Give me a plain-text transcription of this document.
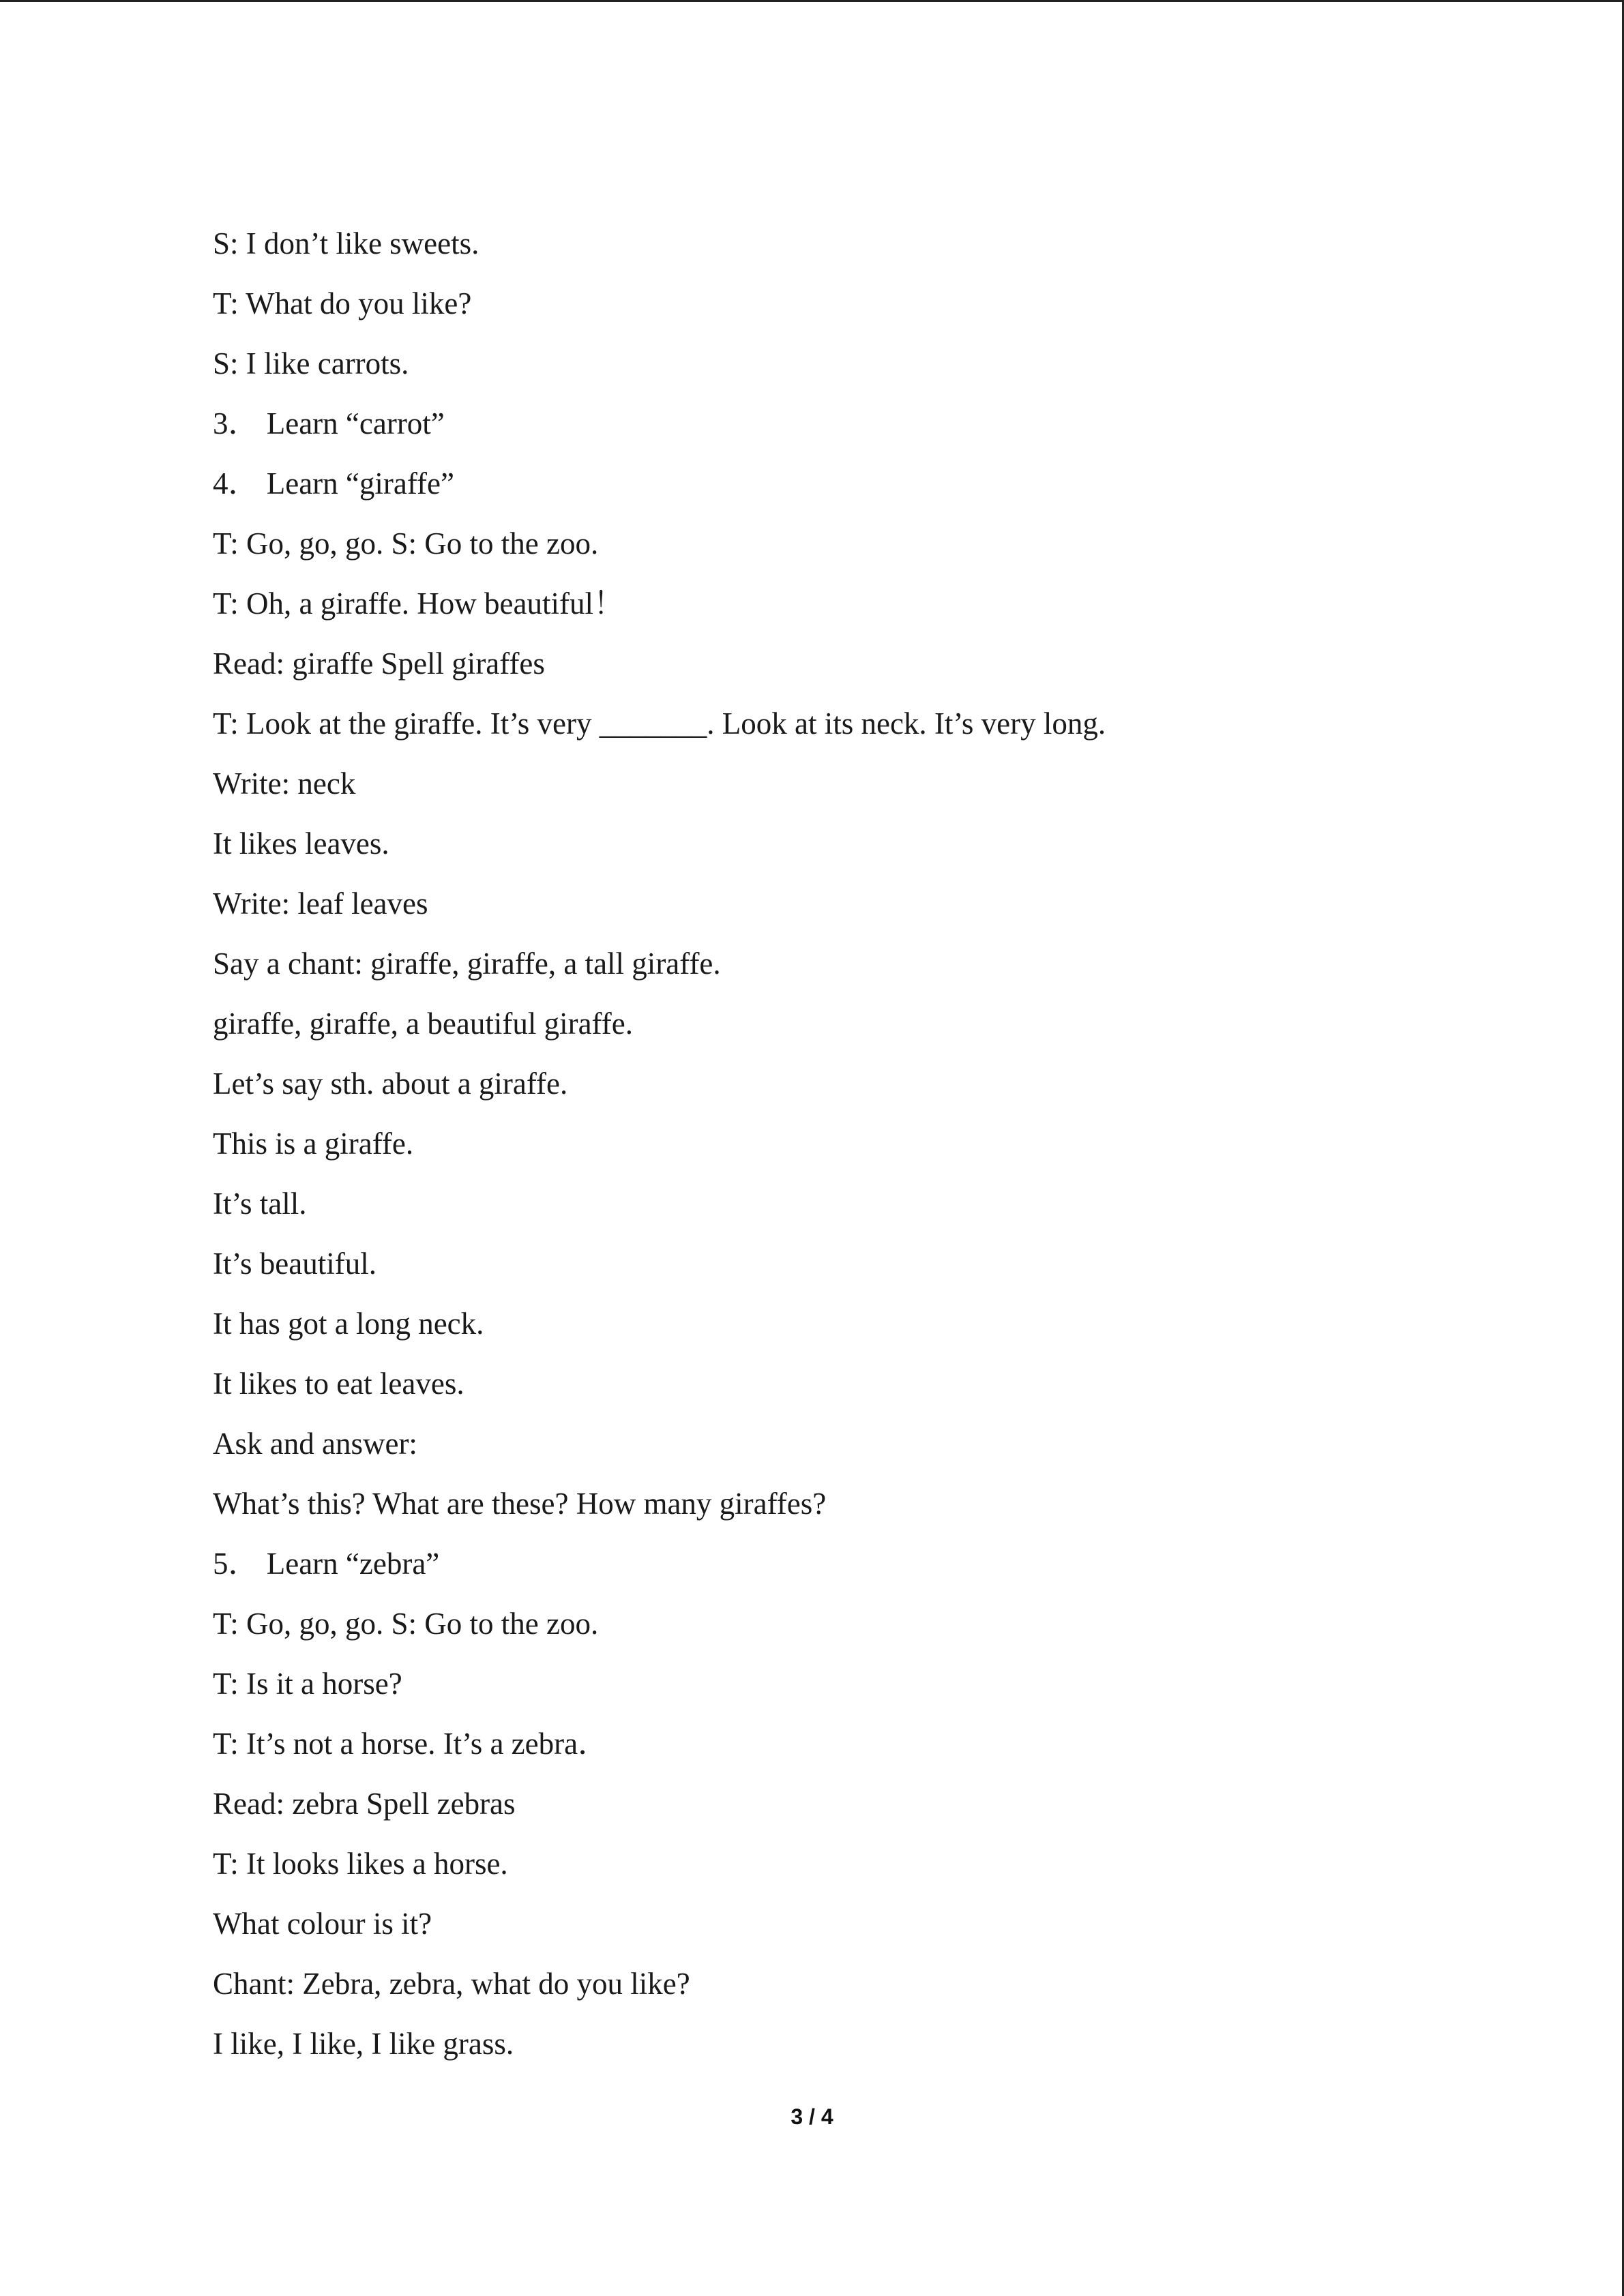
S: I don’t like sweets.
T: What do you like?
S: I like carrots.
3． Learn “carrot”
4． Learn “giraffe”
T: Go, go, go. S: Go to the zoo.
T: Oh, a giraffe. How beautiful！
Read: giraffe Spell giraffes
T: Look at the giraffe. It’s very _______. Look at its neck. It’s very long.
Write: neck
It likes leaves.
Write: leaf leaves
Say a chant: giraffe, giraffe, a tall giraffe.
giraffe, giraffe, a beautiful giraffe.
Let’s say sth. about a giraffe.
This is a giraffe.
It’s tall.
It’s beautiful.
It has got a long neck.
It likes to eat leaves.
Ask and answer:
What’s this? What are these? How many giraffes?
5． Learn “zebra”
T: Go, go, go. S: Go to the zoo.
T: Is it a horse?
T: It’s not a horse. It’s a zebra．
Read: zebra Spell zebras
T: It looks likes a horse.
What colour is it?
Chant: Zebra, zebra, what do you like?
I like, I like, I like grass.
3 / 4
